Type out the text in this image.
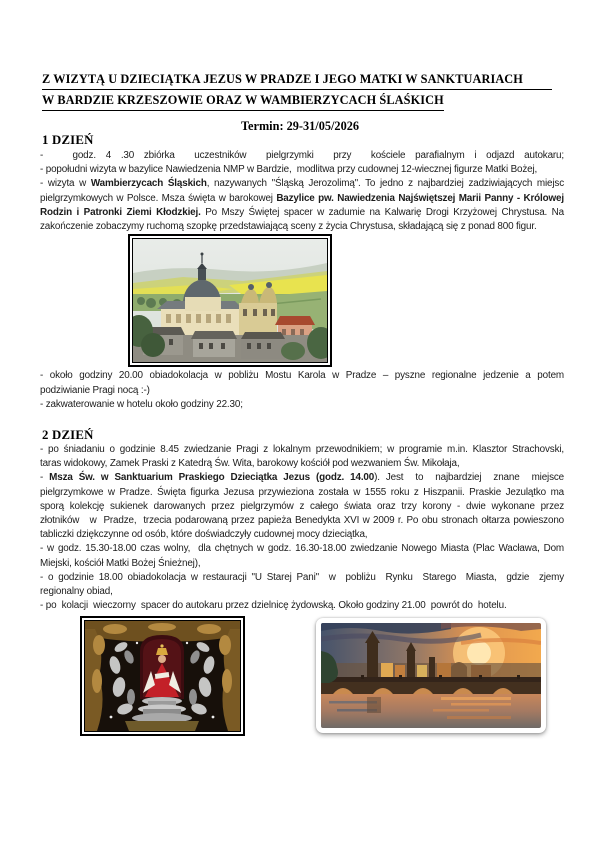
Z WIZYTĄ U DZIECIĄTKA JEZUS W PRADZE I JEGO MATKI W SANKTUARIACH
W BARDZIE KRZESZOWIE ORAZ W WAMBIERZYCACH ŚLAŚKICH
Termin: 29-31/05/2026
1 DZIEŃ
-   godz. 4 .30 zbiórka  uczestników  pielgrzymki  przy  kościele parafialnym i odjazd autokaru;
- popołudni wizyta w bazylice Nawiedzenia NMP w Bardzie,  modlitwa przy cudownej 12-wiecznej figurze Matki Bożej,
- wizyta w Wambierzycach Śląskich, nazywanych "Śląską Jerozolimą". To jedno z najbardziej zadziwiających miejsc
pielgrzymkowych w Polsce. Msza święta w barokowej Bazylice pw. Nawiedzenia Najświętszej Marii Panny - Królowej
Rodzin i Patronki Ziemi Kłodzkiej. Po Mszy Świętej spacer w zadumie na Kalwarię Drogi Krzyżowej Chrystusa. Na
zakończenie zobaczymy ruchomą szopkę przedstawiającą sceny z życia Chrystusa, składającą się z ponad 800 figur.
- około godziny 20.00 obiadokolacja w pobliżu Mostu Karola w Pradze – pyszne regionalne jedzenie a potem
podziwianie Pragi nocą :-)
- zakwaterowanie w hotelu około godziny 22.30;
2 DZIEŃ
- po śniadaniu o godzinie 8.45 zwiedzanie Pragi z lokalnym przewodnikiem; w programie m.in. Klasztor Strachovski,
taras widokowy, Zamek Praski z Katedrą Św. Wita, barokowy kościół pod wezwaniem Św. Mikołaja,
- Msza Św. w Sanktuarium Praskiego Dzieciątka Jezus (godz. 14.00). Jest  to  najbardziej  znane  miejsce
pielgrzymkowe w Pradze. Święta figurka Jezusa przywieziona została w 1555 roku z Hiszpanii. Praskie Jezulątko ma
sporą kolekcję sukienek darowanych przez pielgrzymów z całego świata oraz trzy korony - dwie wykonane przez
złotników   w  Pradze,  trzecia podarowaną przez papieża Benedykta XVI w 2009 r. Po obu stronach ołtarza powieszono
tabliczki dziękczynne od osób, które doświadczyły cudownej mocy dzieciątka,
- w godz. 15.30-18.00 czas wolny,  dla chętnych w godz. 16.30-18.00 zwiedzanie Nowego Miasta (Plac Wacława, Dom
Miejski, kościół Matki Bożej Śnieżnej),
- o godzinie 18.00 obiadokolacja w restauracji "U Starej Pani"  w  pobliżu  Rynku  Starego  Miasta,  gdzie  zjemy
regionalny obiad,
- po  kolacji  wieczorny  spacer do autokaru przez dzielnicę żydowską. Około godziny 21.00  powrót do  hotelu.
